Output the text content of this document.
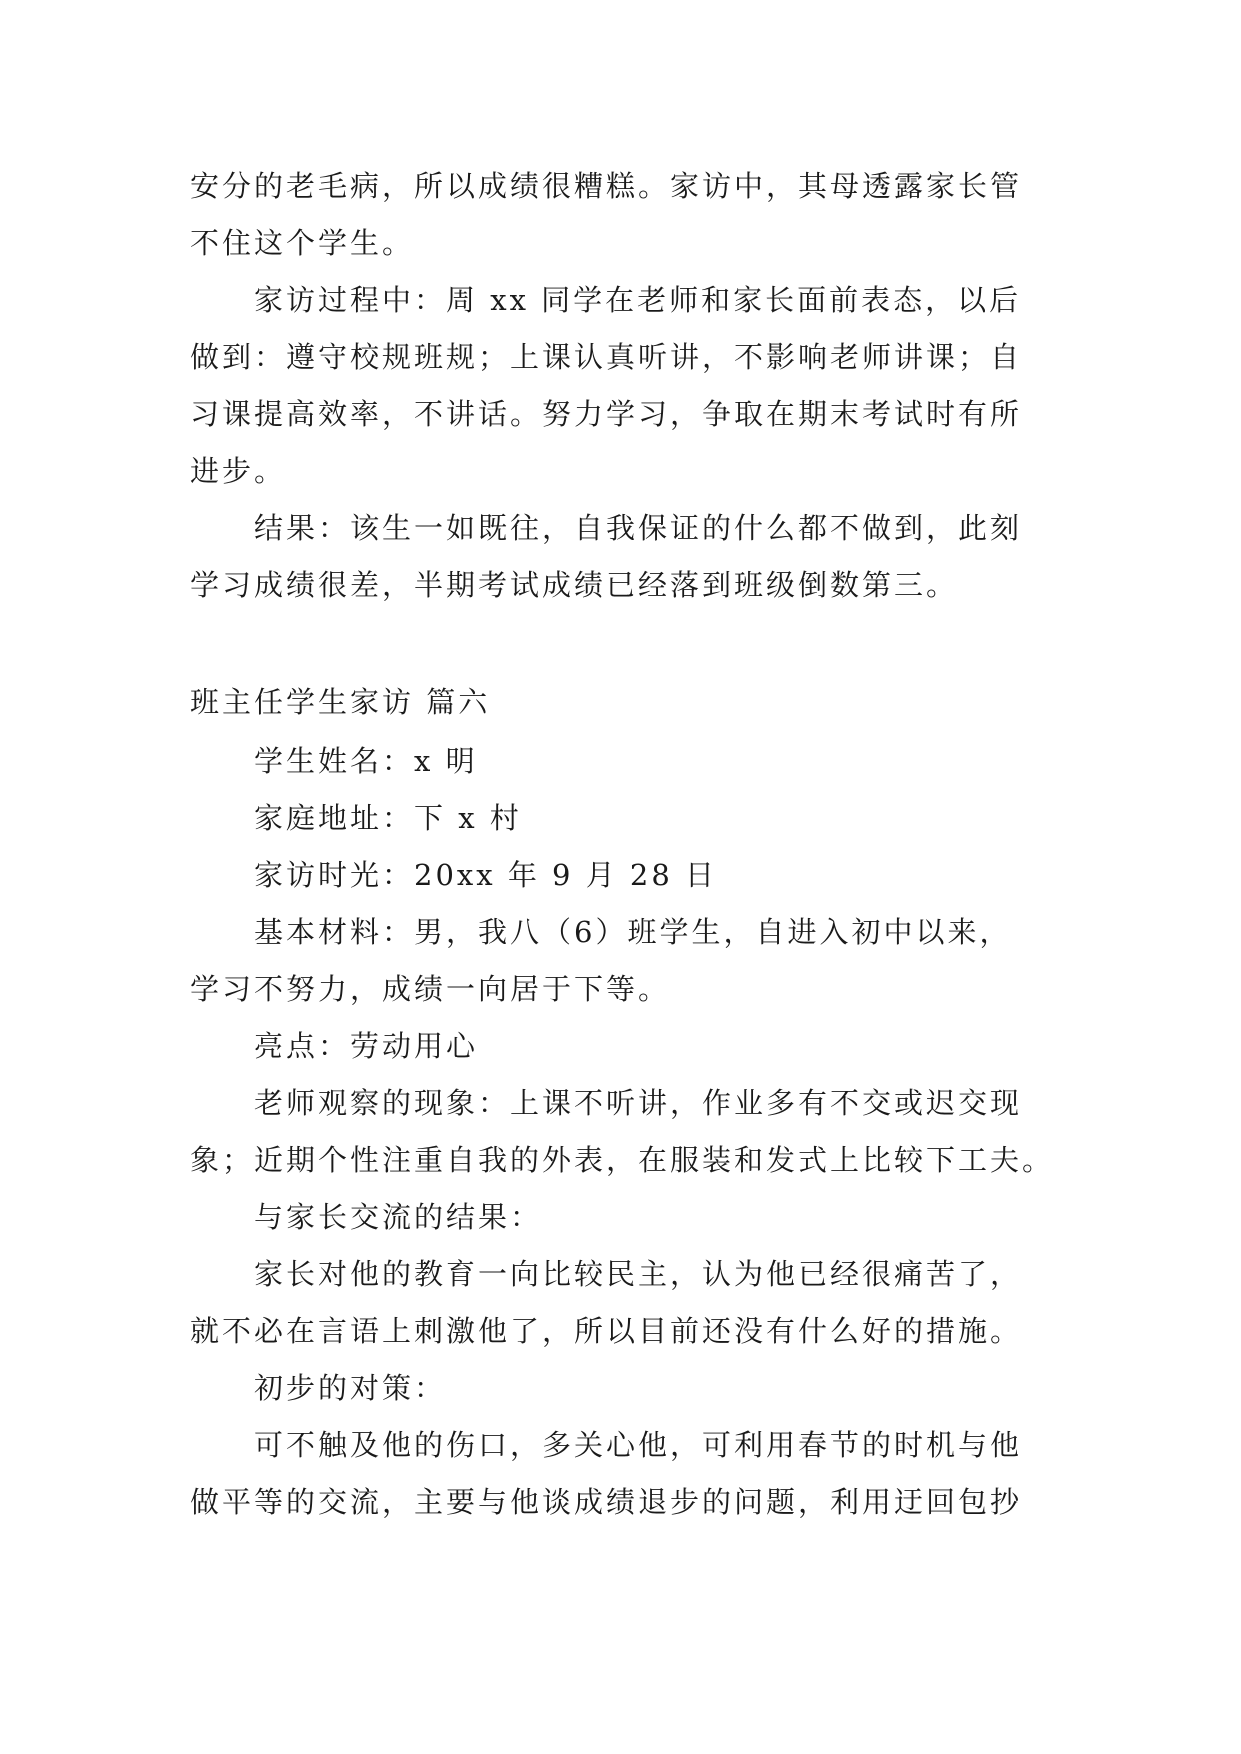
安分的老毛病，所以成绩很糟糕。家访中，其母透露家长管
不住这个学生。
家访过程中：周 xx 同学在老师和家长面前表态，以后
做到：遵守校规班规；上课认真听讲，不影响老师讲课；自
习课提高效率，不讲话。努力学习，争取在期末考试时有所
进步。
结果：该生一如既往，自我保证的什么都不做到，此刻
学习成绩很差，半期考试成绩已经落到班级倒数第三。
班主任学生家访 篇六
学生姓名：x 明
家庭地址：下 x 村
家访时光：20xx 年 9 月 28 日
基本材料：男，我八（6）班学生，自进入初中以来，
学习不努力，成绩一向居于下等。
亮点：劳动用心
老师观察的现象：上课不听讲，作业多有不交或迟交现
象；近期个性注重自我的外表，在服装和发式上比较下工夫。
与家长交流的结果：
家长对他的教育一向比较民主，认为他已经很痛苦了，
就不必在言语上刺激他了，所以目前还没有什么好的措施。
初步的对策：
可不触及他的伤口，多关心他，可利用春节的时机与他
做平等的交流，主要与他谈成绩退步的问题，利用迂回包抄
